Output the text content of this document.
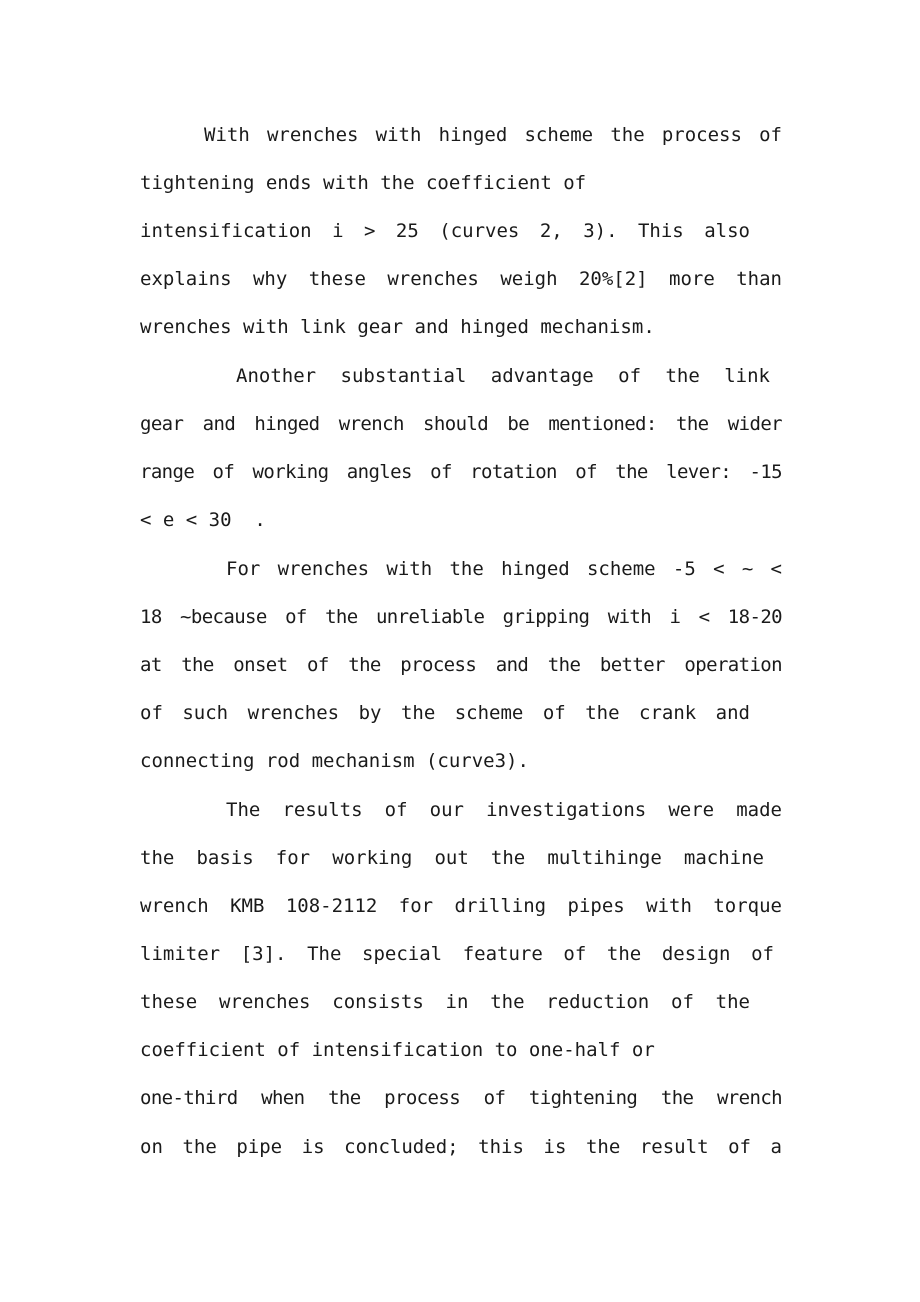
With wrenches with hinged scheme the process of
tightening ends with the coefficient of
intensification i > 25 (curves 2, 3). This also
explains why these wrenches weigh 20%[2] more than
wrenches with link gear and hinged mechanism.
Another substantial advantage of the link
gear and hinged wrench should be mentioned: the wider
range of working angles of rotation of the lever: -15
< e < 30  .
For wrenches with the hinged scheme -5 < ~ <
18 ~because of the unreliable gripping with i < 18-20
at the onset of the process and the better operation
of such wrenches by the scheme of the crank and
connecting rod mechanism (curve3).
The results of our investigations were made
the basis for working out the multihinge machine
wrench KMB 108-2112 for drilling pipes with torque
limiter [3]. The special feature of the design of
these wrenches consists in the reduction of the
coefficient of intensification to one-half or
one-third when the process of tightening the wrench
on the pipe is concluded; this is the result of a
